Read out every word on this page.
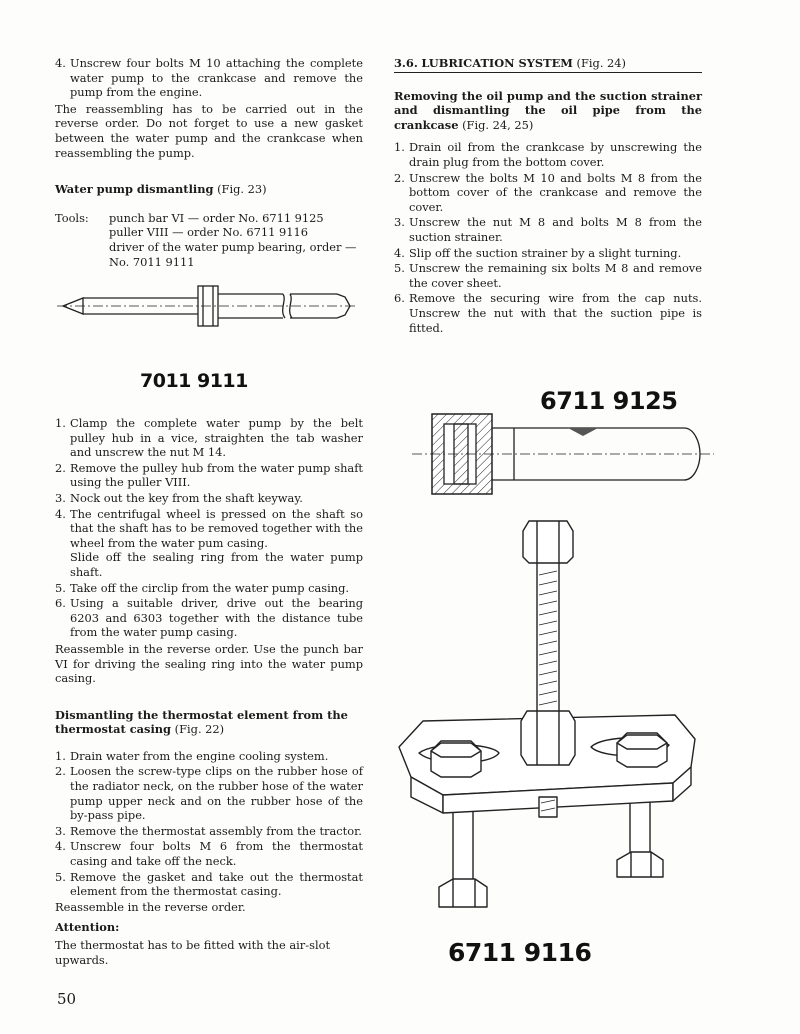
4. Unscrew four bolts M 10 attaching the complete water pump to the crankcase and remove the pump from the engine.

The reassembling has to be carried out in the reverse order. Do not forget to use a new gasket between the water pump and the crankcase when reassembling the pump.

Water pump dismantling (Fig. 23)

Tools: punch bar VI — order No. 6711 9125
puller VIII — order No. 6711 9116
driver of the water pump bearing, order — No. 7011 9111
7011 9111
1. Clamp the complete water pump by the belt pulley hub in a vice, straighten the tab washer and unscrew the nut M 14.
2. Remove the pulley hub from the water pump shaft using the puller VIII.
3. Nock out the key from the shaft keyway.
4. The centrifugal wheel is pressed on the shaft so that the shaft has to be removed together with the wheel from the water pum casing.
Slide off the sealing ring from the water pump shaft.
5. Take off the circlip from the water pump casing.
6. Using a suitable driver, drive out the bearing 6203 and 6303 together with the distance tube from the water pump casing.

Reassemble in the reverse order. Use the punch bar VI for driving the sealing ring into the water pump casing.

Dismantling the thermostat element from the thermostat casing (Fig. 22)

1. Drain water from the engine cooling system.
2. Loosen the screw-type clips on the rubber hose of the radiator neck, on the rubber hose of the water pump upper neck and on the rubber hose of the by-pass pipe.
3. Remove the thermostat assembly from the tractor.
4. Unscrew four bolts M 6 from the thermostat casing and take off the neck.
5. Remove the gasket and take out the thermostat element from the thermostat casing.

Reassemble in the reverse order.

Attention:

The thermostat has to be fitted with the air-slot upwards.

50

3.6. LUBRICATION SYSTEM (Fig. 24)

Removing the oil pump and the suction strainer and dismantling the oil pipe from the crankcase (Fig. 24, 25)

1. Drain oil from the crankcase by unscrewing the drain plug from the bottom cover.
2. Unscrew the bolts M 10 and bolts M 8 from the bottom cover of the crankcase and remove the cover.
3. Unscrew the nut M 8 and bolts M 8 from the suction strainer.
4. Slip off the suction strainer by a slight turning.
5. Unscrew the remaining six bolts M 8 and remove the cover sheet.
6. Remove the securing wire from the cap nuts. Unscrew the nut with that the suction pipe is fitted.
6711 9125
6711 9116
